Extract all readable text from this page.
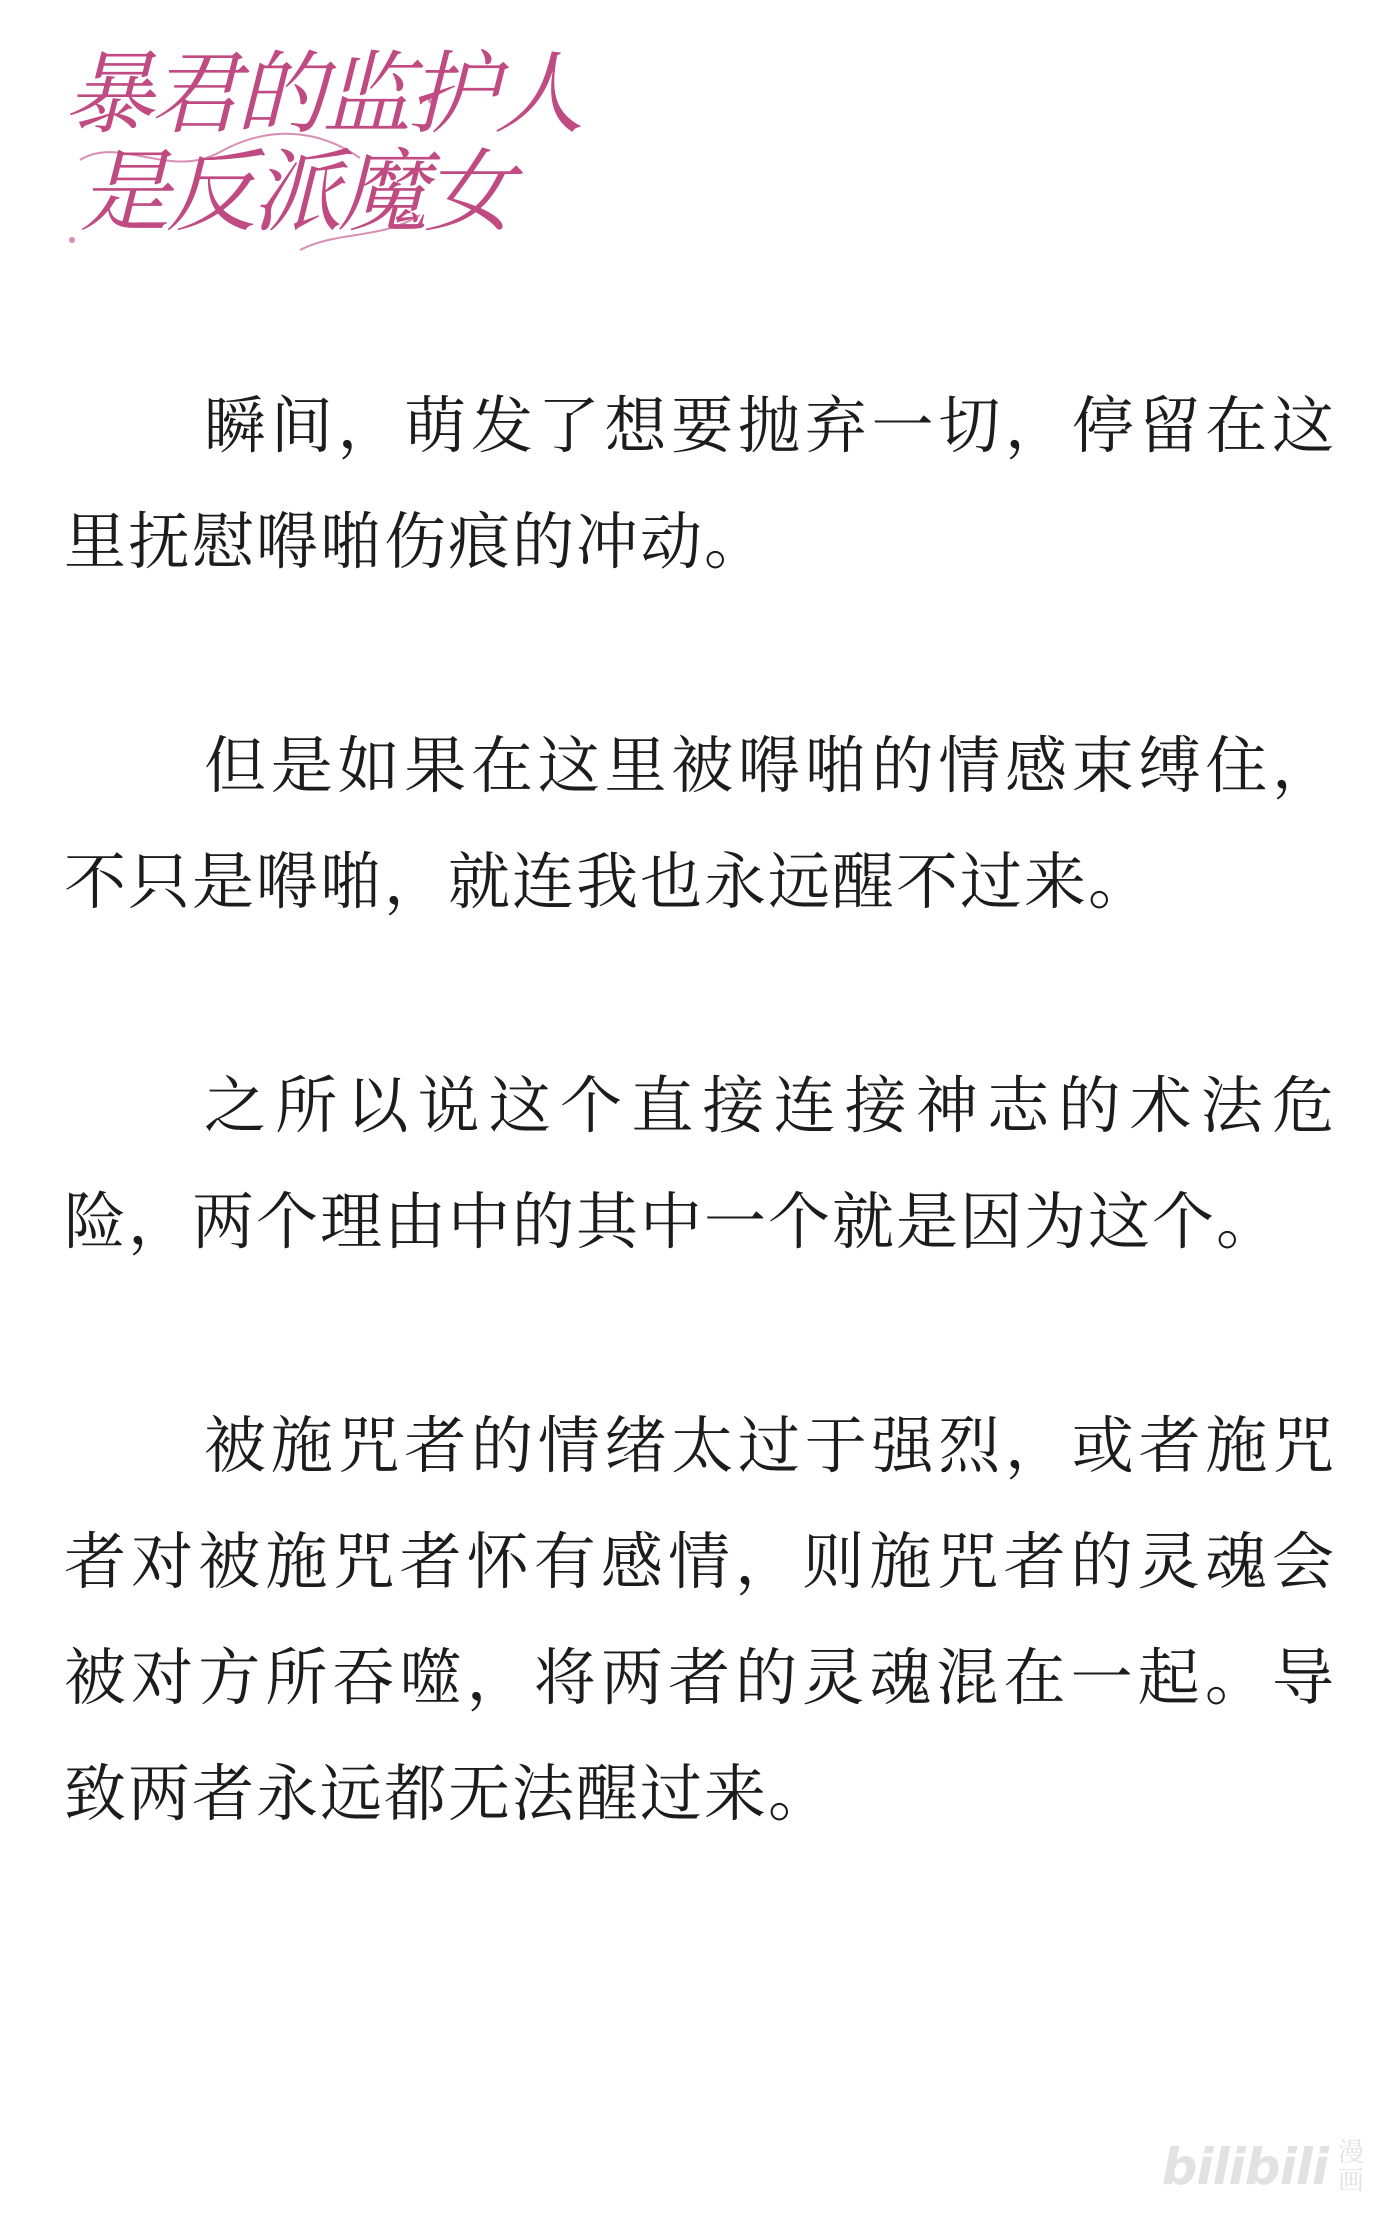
暴君的监护人
是反派魔女

瞬间，萌发了想要抛弃一切，停留在这里抚慰嘚啪伤痕的冲动。

但是如果在这里被嘚啪的情感束缚住，不只是嘚啪，就连我也永远醒不过来。

之所以说这个直接连接神志的术法危险，两个理由中的其中一个就是因为这个。

被施咒者的情绪太过于强烈，或者施咒者对被施咒者怀有感情，则施咒者的灵魂会被对方所吞噬，将两者的灵魂混在一起。导致两者永远都无法醒过来。

bilibili 漫画
